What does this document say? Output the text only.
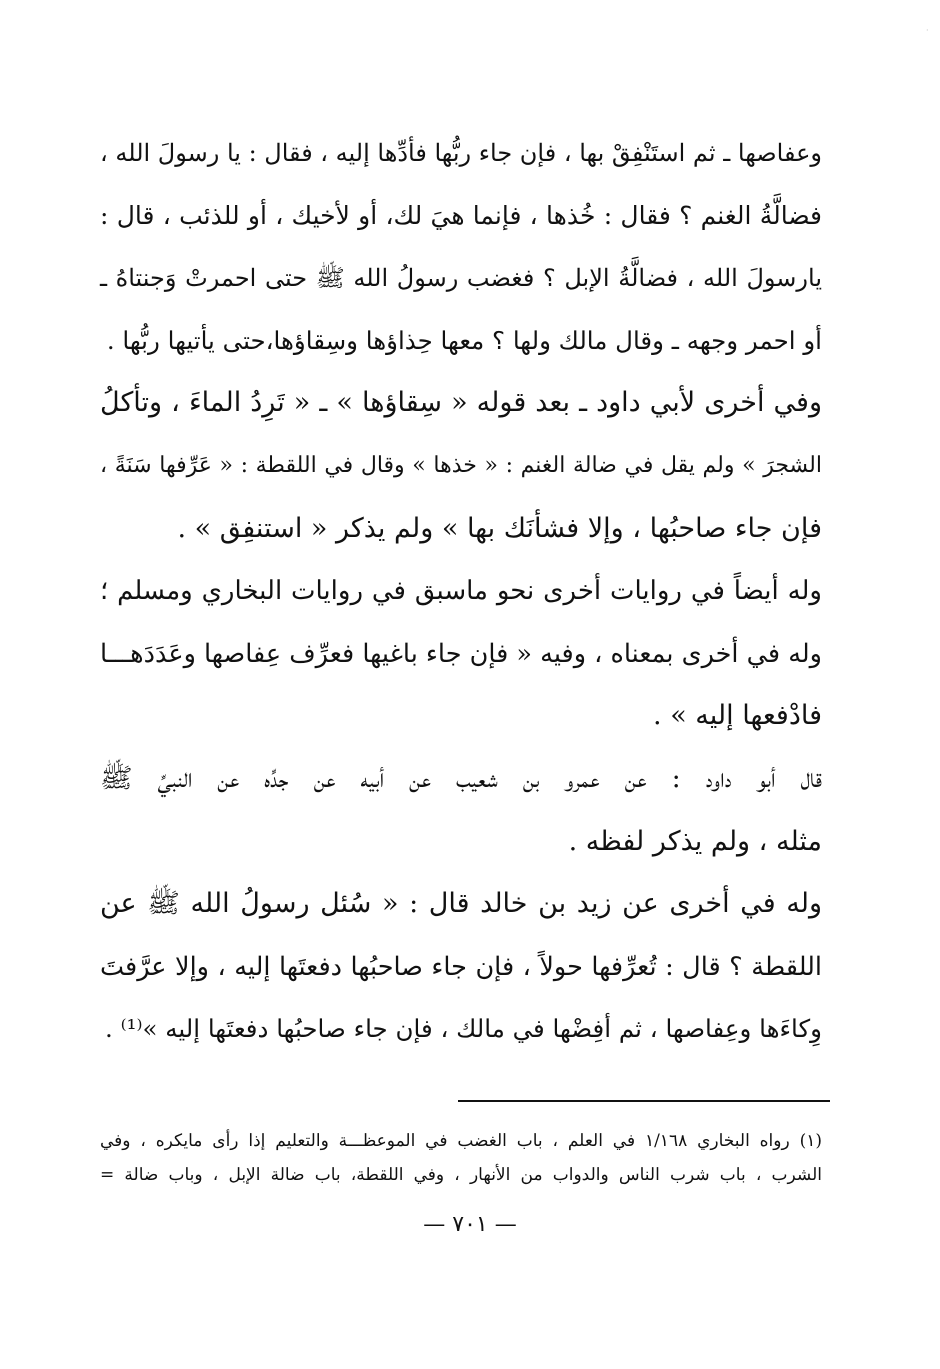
·

وعفاصها ـ ثم استَنْفِقْ بها ، فإن جاء ربُّها فأدِّها إليه ، فقال : يا رسولَ الله ،
فضالَّةُ الغنم ؟ فقال : خُذها ، فإنما هيَ لك، أو لأخيك ، أو للذئب ، قال :
يارسولَ الله ، فضالَّةُ الإبل ؟ فغضب رسولُ الله ﷺ حتى احمرتْ وَجنتاهُ ـ
أو احمر وجهه ـ وقال مالك ولها ؟ معها حِذاؤها وسِقاؤها،حتى يأتيها ربُّها .

وفي أخرى لأبي داود ـ بعد قوله « سِقاؤها » ـ « تَرِدُ الماءَ ، وتأكلُ
الشجرَ » ولم يقل في ضالة الغنم : « خذها » وقال في اللقطة : « عَرِّفها سَنَةً ،
فإن جاء صاحبُها ، وإلا فشأنَك بها » ولم يذكر « استنفِق » .

وله أيضاً في روايات أخرى نحو ماسبق في روايات البخاري ومسلم ؛
وله في أخرى بمعناه ، وفيه « فإن جاء باغيها فعرِّف عِفاصها وعَدَدَهـــا
فادْفعها إليه » .

قال أبو داود : عن عمرو بن شعيب عن أبيه عن جدِّه عن النبيِّ ﷺ
مثله ، ولم يذكر لفظه .

وله في أخرى عن زيد بن خالد قال : « سُئل رسولُ الله ﷺ عن
اللقطة ؟ قال : تُعرِّفها حولاً ، فإن جاء صاحبُها دفعتَها إليه ، وإلا عرَّفتَ
وِكاءَها وعِفاصها ، ثم أفِضْها في مالك ، فإن جاء صاحبُها دفعتَها إليه »⁽¹⁾ .

(١) رواه البخاري ١/١٦٨ في العلم ، باب الغضب في الموعظـــة والتعليم إذا رأى مايكره ، وفي
الشرب ، باب شرب الناس والدواب من الأنهار ، وفي اللقطة، باب ضالة الإبل ، وباب ضالة =
— ٧٠١ —
